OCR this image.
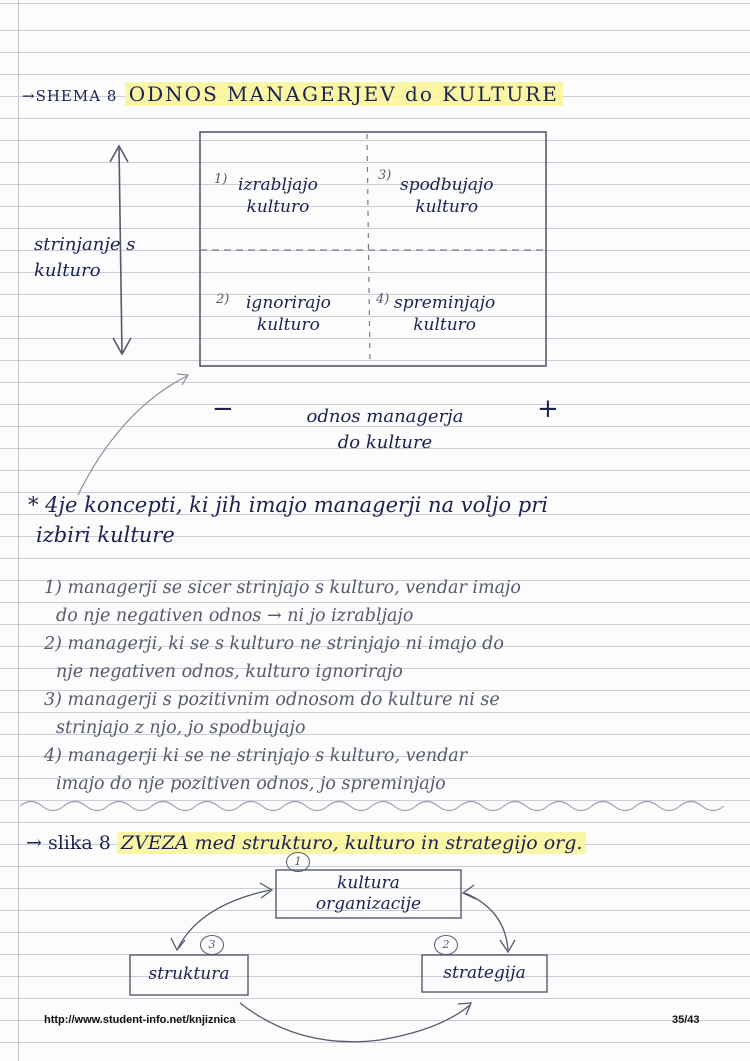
→SHEMA 8 ODNOS MANAGERJEV do KULTURE
strinjanje s
kulturo
1) izrabljajo
kulturo
3) spodbujajo
kulturo
2) ignorirajo
kulturo
4) spreminjajo
kulturo
−	+
odnos managerja
do kulture
* 4je koncepti, ki jih imajo managerji na voljo pri
izbiri kulture
1) managerji se sicer strinjajo s kulturo, vendar imajo
do nje negativen odnos → ni jo izrabljajo
2) managerji, ki se s kulturo ne strinjajo ni imajo do
nje negativen odnos, kulturo ignorirajo
3) managerji s pozitivnim odnosom do kulture ni se
strinjajo z njo, jo spodbujajo
4) managerji ki se ne strinjajo s kulturo, vendar
imajo do nje pozitiven odnos, jo spreminjajo
→ slika 8 ZVEZA med strukturo, kulturo in strategijo org.
1
kultura
organizacije
3
struktura
2
strategija
http://www.student-info.net/knjiznica	35/43
